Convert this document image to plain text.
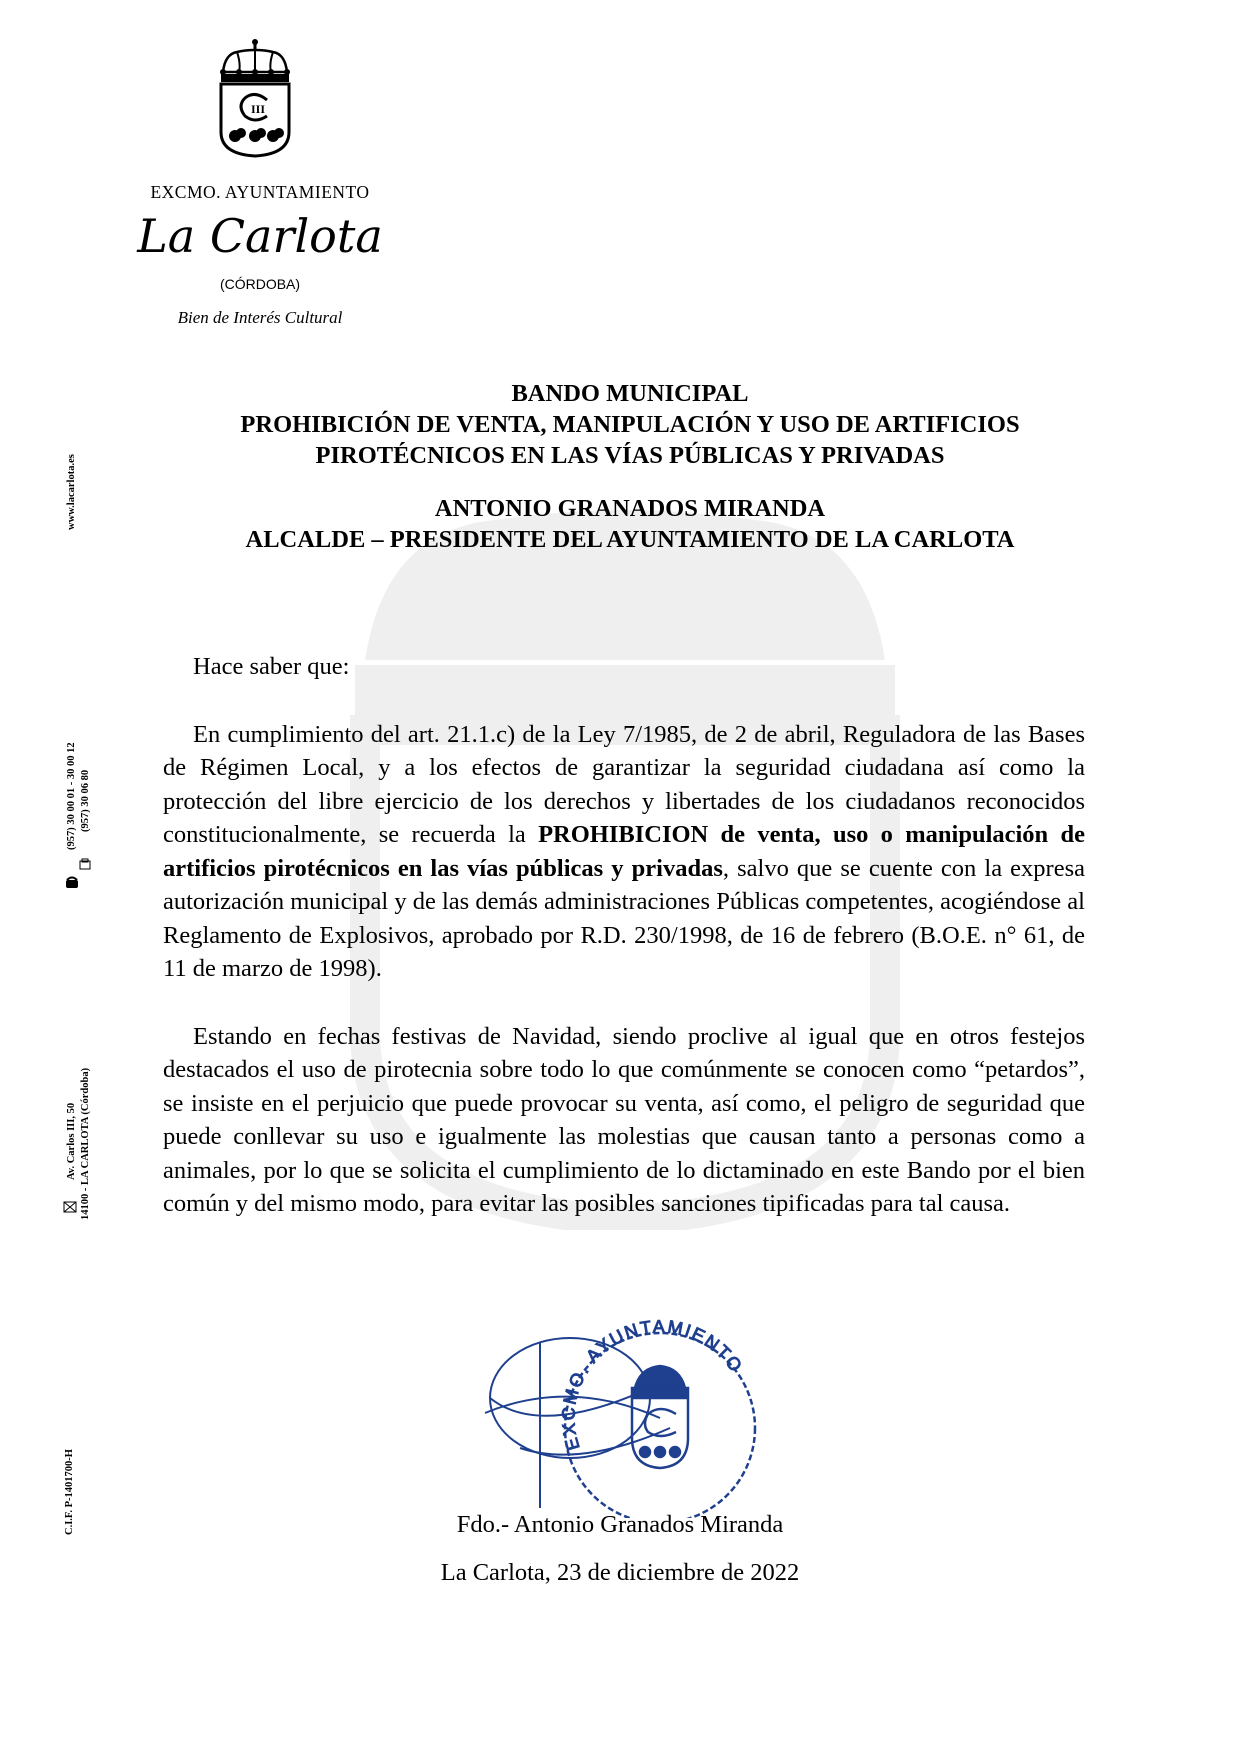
III
EXCMO. AYUNTAMIENTO
La Carlota
(CÓRDOBA)
Bien de Interés Cultural
www.lacarlota.es
(957) 30 00 01 - 30 00 12 (957) 30 06 80
Av. Carlos III, 50 14100 - LA CARLOTA (Córdoba)
C.I.F. P-1401700-H
BANDO MUNICIPAL
PROHIBICIÓN DE VENTA, MANIPULACIÓN Y USO DE ARTIFICIOS
PIROTÉCNICOS EN LAS VÍAS PÚBLICAS Y PRIVADAS
ANTONIO GRANADOS MIRANDA
ALCALDE – PRESIDENTE DEL AYUNTAMIENTO DE LA CARLOTA

Hace saber que:

En cumplimiento del art. 21.1.c) de la Ley 7/1985, de 2 de abril, Reguladora de las Bases de Régimen Local, y a los efectos de garantizar la seguridad ciudadana así como la protección del libre ejercicio de los derechos y libertades de los ciudadanos reconocidos constitucionalmente, se recuerda la PROHIBICION de venta, uso o manipulación de artificios pirotécnicos en las vías públicas y privadas, salvo que se cuente con la expresa autorización municipal y de las demás administraciones Públicas competentes, acogiéndose al Reglamento de Explosivos, aprobado por R.D. 230/1998, de 16 de febrero (B.O.E. n° 61, de 11 de marzo de 1998).

Estando en fechas festivas de Navidad, siendo proclive al igual que en otros festejos destacados el uso de pirotecnia sobre todo lo que comúnmente se conocen como “petardos”, se insiste en el perjuicio que puede provocar su venta, así como, el peligro de seguridad que puede conllevar su uso e igualmente las molestias que causan tanto a personas como a animales, por lo que se solicita el cumplimiento de lo dictaminado en este Bando por el bien común y del mismo modo, para evitar las posibles sanciones tipificadas para tal causa.

EXCMO. AYUNTAMIENTO
Fdo.- Antonio Granados Miranda
La Carlota, 23 de diciembre de 2022
